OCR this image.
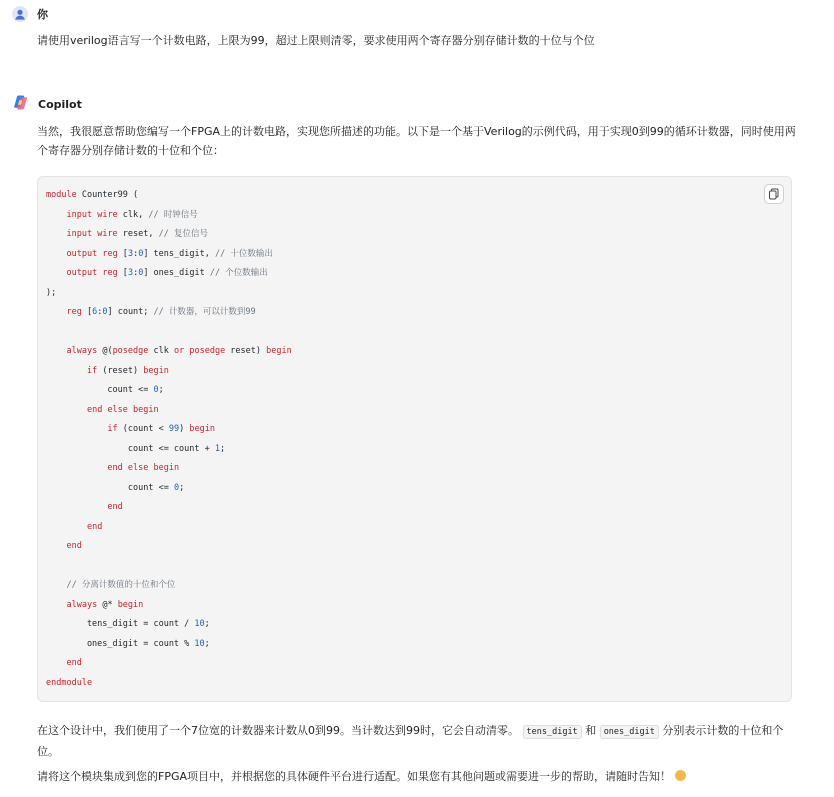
你
请使用verilog语言写一个计数电路，上限为99，超过上限则清零，要求使用两个寄存器分别存储计数的十位与个位
Copilot
当然，我很愿意帮助您编写一个FPGA上的计数电路，实现您所描述的功能。以下是一个基于Verilog的示例代码，用于实现0到99的循环计数器，同时使用两个寄存器分别存储计数的十位和个位：
module Counter99 (
input wire clk, // 时钟信号
input wire reset, // 复位信号
output reg [3:0] tens_digit, // 十位数输出
output reg [3:0] ones_digit // 个位数输出
);
reg [6:0] count; // 计数器，可以计数到99

always @(posedge clk or posedge reset) begin
if (reset) begin
count <= 0;
end else begin
if (count < 99) begin
count <= count + 1;
end else begin
count <= 0;
end
end
end

// 分离计数值的十位和个位
always @* begin
tens_digit = count / 10;
ones_digit = count % 10;
end
endmodule
在这个设计中，我们使用了一个7位宽的计数器来计数从0到99。当计数达到99时，它会自动清零。 tens_digit 和 ones_digit 分别表示计数的十位和个位。
请将这个模块集成到您的FPGA项目中，并根据您的具体硬件平台进行适配。如果您有其他问题或需要进一步的帮助，请随时告知！
